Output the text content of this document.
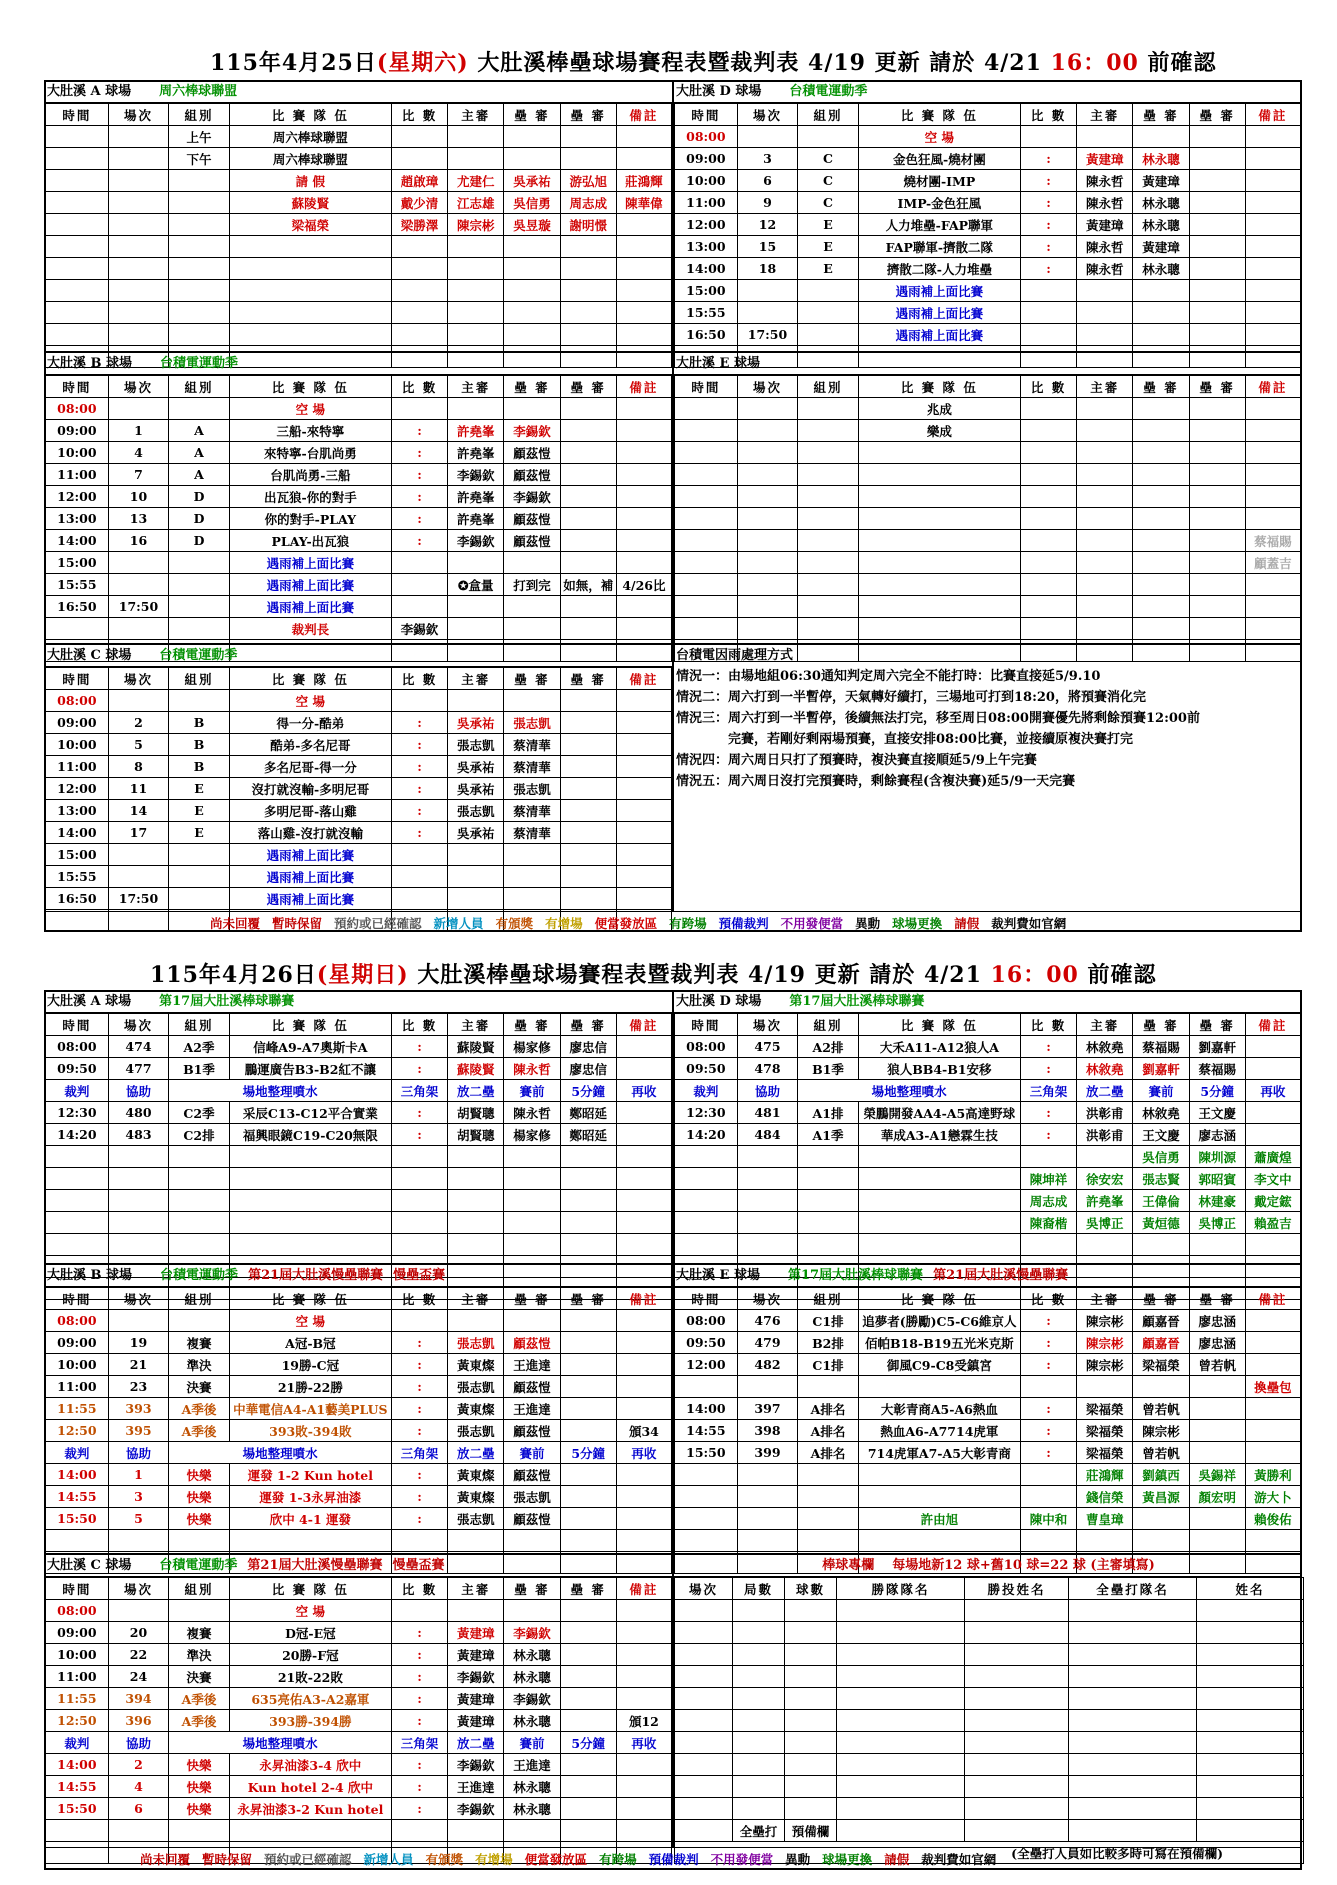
115年4月25日(星期六) 大肚溪棒壘球場賽程表暨裁判表 4/19 更新 請於 4/21 16：00 前確認
大肚溪 A 球場 周六棒球聯盟
時間	場次	組別	比 賽 隊 伍	比 數	主審	壘 審	壘 審	備註
		上午	周六棒球聯盟					
		下午	周六棒球聯盟					
			請 假	趙啟璋	尤建仁	吳承祐	游弘旭	莊鴻輝
			蘇陵賢	戴少清	江志雄	吳信勇	周志成	陳華偉
			梁福榮	梁勝澤	陳宗彬	吳昱璇	謝明憬	

大肚溪 D 球場 台積電運動季
時間	場次	組別	比 賽 隊 伍	比 數	主審	壘 審	壘 審	備註
08:00			空 場					
09:00	3	C	金色狂風-燒材團	:	黃建璋	林永聰		
10:00	6	C	燒材團-IMP	:	陳永哲	黃建璋		
11:00	9	C	IMP-金色狂風	:	陳永哲	林永聰		
12:00	12	E	人力堆壘-FAP聯軍	:	黃建璋	林永聰		
13:00	15	E	FAP聯軍-擠散二隊	:	陳永哲	黃建璋		
14:00	18	E	擠散二隊-人力堆壘	:	陳永哲	林永聰		
15:00			遇雨補上面比賽					
15:55			遇雨補上面比賽					
16:50	17:50		遇雨補上面比賽					

大肚溪 B 球場 台積電運動季
時間	場次	組別	比 賽 隊 伍	比 數	主審	壘 審	壘 審	備註
08:00			空 場					
09:00	1	A	三船-來特寧	:	許堯峯	李錫欽		
10:00	4	A	來特寧-台肌尚勇	:	許堯峯	顧茲愷		
11:00	7	A	台肌尚勇-三船	:	李錫欽	顧茲愷		
12:00	10	D	出瓦狼-你的對手	:	許堯峯	李錫欽		
13:00	13	D	你的對手-PLAY	:	許堯峯	顧茲愷		
14:00	16	D	PLAY-出瓦狼	:	李錫欽	顧茲愷		
15:00			遇雨補上面比賽					
15:55			遇雨補上面比賽		✪盒量	打到完	如無，補	4/26比
16:50	17:50		遇雨補上面比賽					
			裁判長	李錫欽				

大肚溪 E 球場
時間	場次	組別	比 賽 隊 伍	比 數	主審	壘 審	壘 審	備註
			兆成					
			樂成					

								蔡福賜
								顧蓋吉

大肚溪 C 球場 台積電運動季
時間	場次	組別	比 賽 隊 伍	比 數	主審	壘 審	壘 審	備註
08:00			空 場					
09:00	2	B	得一分-酷弟	:	吳承祐	張志凱		
10:00	5	B	酷弟-多名尼哥	:	張志凱	蔡清華		
11:00	8	B	多名尼哥-得一分	:	吳承祐	蔡清華		
12:00	11	E	沒打就沒輸-多明尼哥	:	吳承祐	張志凱		
13:00	14	E	多明尼哥-落山雞	:	張志凱	蔡清華		
14:00	17	E	落山雞-沒打就沒輸	:	吳承祐	蔡清華		
15:00			遇雨補上面比賽					
15:55			遇雨補上面比賽					
16:50	17:50		遇雨補上面比賽					

台積電因雨處理方式
情況一：由場地組06:30通知判定周六完全不能打時：比賽直接延5/9.10
情況二：周六打到一半暫停，天氣轉好續打，三場地可打到18:20，將預賽消化完
情況三：周六打到一半暫停，後續無法打完，移至周日08:00開賽優先將剩餘預賽12:00前
　　　　完賽，若剛好剩兩場預賽，直接安排08:00比賽，並接續原複決賽打完
情況四：周六周日只打了預賽時，複決賽直接順延5/9上午完賽
情況五：周六周日沒打完預賽時，剩餘賽程(含複決賽)延5/9一天完賽
尚未回覆 暫時保留 預約或已經確認 新增人員 有頒獎 有增場 便當發放區 有跨場 預備裁判 不用發便當 異動 球場更換 請假 裁判費如官網
115年4月26日(星期日) 大肚溪棒壘球場賽程表暨裁判表 4/19 更新 請於 4/21 16：00 前確認
大肚溪 A 球場 第17屆大肚溪棒球聯賽
時間	場次	組別	比 賽 隊 伍	比 數	主審	壘 審	壘 審	備註
08:00	474	A2季	信峰A9-A7奧斯卡A	:	蘇陵賢	楊家修	廖忠信	
09:50	477	B1季	鵬運廣告B3-B2紅不讓	:	蘇陵賢	陳永哲	廖忠信	
裁判	協助	場地整理噴水		三角架	放二壘	賽前	5分鐘	再收
12:30	480	C2季	采辰C13-C12平合實業	:	胡賢聰	陳永哲	鄭昭延	
14:20	483	C2排	福興眼鏡C19-C20無限	:	胡賢聰	楊家修	鄭昭延	

大肚溪 D 球場 第17屆大肚溪棒球聯賽
時間	場次	組別	比 賽 隊 伍	比 數	主審	壘 審	壘 審	備註
08:00	475	A2排	大禾A11-A12狼人A	:	林敘堯	蔡福賜	劉嘉軒	
09:50	478	B1季	狼人BB4-B1安移	:	林敘堯	劉嘉軒	蔡福賜	
裁判	協助	場地整理噴水		三角架	放二壘	賽前	5分鐘	再收
12:30	481	A1排	榮鵬開發AA4-A5高達野球	:	洪彰甫	林敘堯	王文慶	
14:20	484	A1季	華成A3-A1戀霖生技	:	洪彰甫	王文慶	廖志涵	
						吳信勇	陳圳源	蕭廣煌
				陳坤祥	徐安宏	張志賢	郭昭賓	李文中
				周志成	許堯峯	王偉倫	林建豪	戴定鋐
				陳裔楷	吳博正	黃烜德	吳博正	賴盈吉

大肚溪 B 球場 台積電運動季 第21屆大肚溪慢壘聯賽 慢壘盃賽
時間	場次	組別	比 賽 隊 伍	比 數	主審	壘 審	壘 審	備註
08:00			空 場					
09:00	19	複賽	A冠-B冠	:	張志凱	顧茲愷		
10:00	21	準決	19勝-C冠	:	黃東燦	王進達		
11:00	23	決賽	21勝-22勝	:	張志凱	顧茲愷		
11:55	393	A季後	中華電信A4-A1藝美PLUS	:	黃東燦	王進達		
12:50	395	A季後	393敗-394敗	:	張志凱	顧茲愷		頒34
裁判	協助	場地整理噴水		三角架	放二壘	賽前	5分鐘	再收
14:00	1	快樂	運發 1-2 Kun hotel	:	黃東燦	顧茲愷		
14:55	3	快樂	運發 1-3永昇油漆	:	黃東燦	張志凱		
15:50	5	快樂	欣中 4-1 運發	:	張志凱	顧茲愷		

大肚溪 E 球場 第17屆大肚溪棒球聯賽 第21屆大肚溪慢壘聯賽
時間	場次	組別	比 賽 隊 伍	比 數	主審	壘 審	壘 審	備註
08:00	476	C1排	追夢者(勝勵)C5-C6維京人	:	陳宗彬	顧嘉晉	廖忠涵	
09:50	479	B2排	佰帕B18-B19五光米克斯	:	陳宗彬	顧嘉晉	廖忠涵	
12:00	482	C1排	御風C9-C8受鎮宮	:	陳宗彬	梁福榮	曾若帆	
								換壘包
14:00	397	A排名	大彰青商A5-A6熱血	:	梁福榮	曾若帆		
14:55	398	A排名	熱血A6-A7714虎軍	:	梁福榮	陳宗彬		
15:50	399	A排名	714虎軍A7-A5大彰青商	:	梁福榮	曾若帆		
					莊鴻輝	劉鎮西	吳錫祥	黃勝利
					錢信榮	黃昌源	顏宏明	游大卜
			許由旭	陳中和	曹皇璋			賴俊佑

大肚溪 C 球場 台積電運動季 第21屆大肚溪慢壘聯賽 慢壘盃賽
時間	場次	組別	比 賽 隊 伍	比 數	主審	壘 審	壘 審	備註
08:00			空 場					
09:00	20	複賽	D冠-E冠	:	黃建璋	李錫欽		
10:00	22	準決	20勝-F冠	:	黃建璋	林永聰		
11:00	24	決賽	21敗-22敗	:	李錫欽	林永聰		
11:55	394	A季後	635亮佑A3-A2嘉軍	:	黃建璋	李錫欽		
12:50	396	A季後	393勝-394勝	:	黃建璋	林永聰		頒12
裁判	協助	場地整理噴水		三角架	放二壘	賽前	5分鐘	再收
14:00	2	快樂	永昇油漆3-4 欣中	:	李錫欽	王進達		
14:55	4	快樂	Kun hotel 2-4 欣中	:	王進達	林永聰		
15:50	6	快樂	永昇油漆3-2 Kun hotel	:	李錫欽	林永聰		

棒球專欄 每場地新12 球+舊10 球=22 球 (主審填寫)
場次	局數	球數	勝隊隊名	勝投姓名	全壘打隊名	姓名

	全壘打	預備欄				
(全壘打人員如比較多時可寫在預備欄)						
尚未回覆 暫時保留 預約或已經確認 新增人員 有頒獎 有增場 便當發放區 有跨場 預備裁判 不用發便當 異動 球場更換 請假 裁判費如官網
